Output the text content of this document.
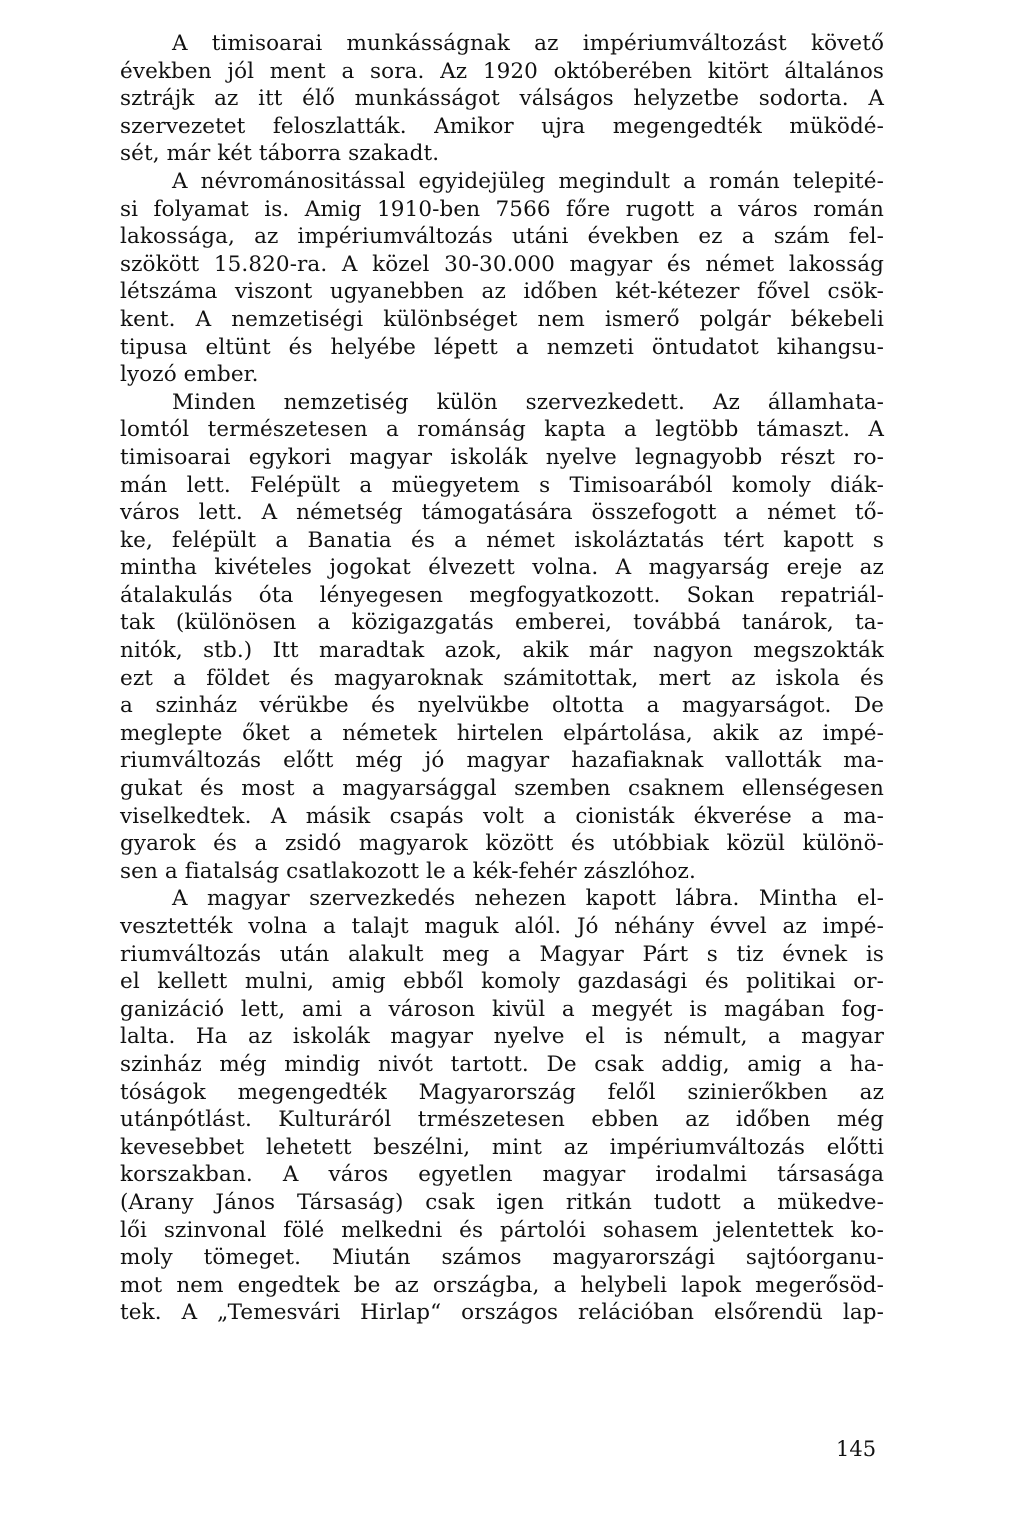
A timisoarai munkásságnak az impériumváltozást követő
években jól ment a sora. Az 1920 októberében kitört általános
sztrájk az itt élő munkásságot válságos helyzetbe sodorta. A
szervezetet feloszlatták. Amikor ujra megengedték müködé-
sét, már két táborra szakadt.
A névrománositással egyidejüleg megindult a román telepité-
si folyamat is. Amig 1910-ben 7566 főre rugott a város román
lakossága, az impériumváltozás utáni években ez a szám fel-
szökött 15.820-ra. A közel 30-30.000 magyar és német lakosság
létszáma viszont ugyanebben az időben két-kétezer fővel csök-
kent. A nemzetiségi különbséget nem ismerő polgár békebeli
tipusa eltünt és helyébe lépett a nemzeti öntudatot kihangsu-
lyozó ember.
Minden nemzetiség külön szervezkedett. Az államhata-
lomtól természetesen a románság kapta a legtöbb támaszt. A
timisoarai egykori magyar iskolák nyelve legnagyobb részt ro-
mán lett. Felépült a müegyetem s Timisoarából komoly diák-
város lett. A németség támogatására összefogott a német tő-
ke, felépült a Banatia és a német iskoláztatás tért kapott s
mintha kivételes jogokat élvezett volna. A magyarság ereje az
átalakulás óta lényegesen megfogyatkozott. Sokan repatriál-
tak (különösen a közigazgatás emberei, továbbá tanárok, ta-
nitók, stb.) Itt maradtak azok, akik már nagyon megszokták
ezt a földet és magyaroknak számitottak, mert az iskola és
a szinház vérükbe és nyelvükbe oltotta a magyarságot. De
meglepte őket a németek hirtelen elpártolása, akik az impé-
riumváltozás előtt még jó magyar hazafiaknak vallották ma-
gukat és most a magyarsággal szemben csaknem ellenségesen
viselkedtek. A másik csapás volt a cionisták ékverése a ma-
gyarok és a zsidó magyarok között és utóbbiak közül különö-
sen a fiatalság csatlakozott le a kék-fehér zászlóhoz.
A magyar szervezkedés nehezen kapott lábra. Mintha el-
vesztették volna a talajt maguk alól. Jó néhány évvel az impé-
riumváltozás után alakult meg a Magyar Párt s tiz évnek is
el kellett mulni, amig ebből komoly gazdasági és politikai or-
ganizáció lett, ami a városon kivül a megyét is magában fog-
lalta. Ha az iskolák magyar nyelve el is némult, a magyar
szinház még mindig nivót tartott. De csak addig, amig a ha-
tóságok megengedték Magyarország felől szinierőkben az
utánpótlást. Kulturáról trmészetesen ebben az időben még
kevesebbet lehetett beszélni, mint az impériumváltozás előtti
korszakban. A város egyetlen magyar irodalmi társasága
(Arany János Társaság) csak igen ritkán tudott a mükedve-
lői szinvonal fölé melkedni és pártolói sohasem jelentettek ko-
moly tömeget. Miután számos magyarországi sajtóorganu-
mot nem engedtek be az országba, a helybeli lapok megerősöd-
tek. A „Temesvári Hirlap“ országos relációban elsőrendü lap-
145
